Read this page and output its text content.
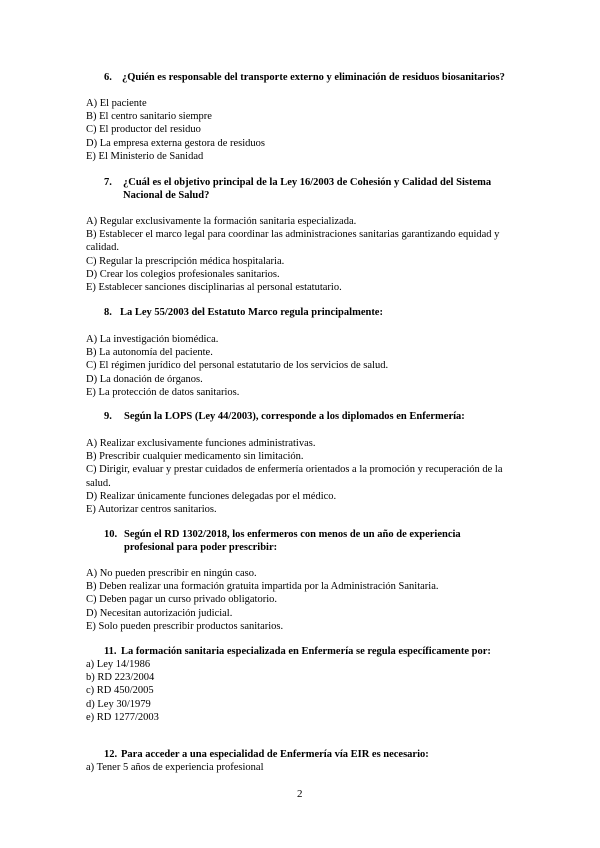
6. ¿Quién es responsable del transporte externo y eliminación de residuos biosanitarios?
A) El paciente
B) El centro sanitario siempre
C) El productor del residuo
D) La empresa externa gestora de residuos
E) El Ministerio de Sanidad
7.	¿Cuál es el objetivo principal de la Ley 16/2003 de Cohesión y Calidad del Sistema Nacional de Salud?
A) Regular exclusivamente la formación sanitaria especializada.
B) Establecer el marco legal para coordinar las administraciones sanitarias garantizando equidad y calidad.
C) Regular la prescripción médica hospitalaria.
D) Crear los colegios profesionales sanitarios.
E) Establecer sanciones disciplinarias al personal estatutario.
8. La Ley 55/2003 del Estatuto Marco regula principalmente:
A) La investigación biomédica.
B) La autonomía del paciente.
C) El régimen jurídico del personal estatutario de los servicios de salud.
D) La donación de órganos.
E) La protección de datos sanitarios.
9.	Según la LOPS (Ley 44/2003), corresponde a los diplomados en Enfermería:
A) Realizar exclusivamente funciones administrativas.
B) Prescribir cualquier medicamento sin limitación.
C) Dirigir, evaluar y prestar cuidados de enfermería orientados a la promoción y recuperación de la salud.
D) Realizar únicamente funciones delegadas por el médico.
E) Autorizar centros sanitarios.
10. Según el RD 1302/2018, los enfermeros con menos de un año de experiencia profesional para poder prescribir:
A) No pueden prescribir en ningún caso.
B) Deben realizar una formación gratuita impartida por la Administración Sanitaria.
C) Deben pagar un curso privado obligatorio.
D) Necesitan autorización judicial.
E) Solo pueden prescribir productos sanitarios.
11. La formación sanitaria especializada en Enfermería se regula específicamente por:
a) Ley 14/1986
b) RD 223/2004
c) RD 450/2005
d) Ley 30/1979
e) RD 1277/2003
12. Para acceder a una especialidad de Enfermería vía EIR es necesario:
a) Tener 5 años de experiencia profesional
2
